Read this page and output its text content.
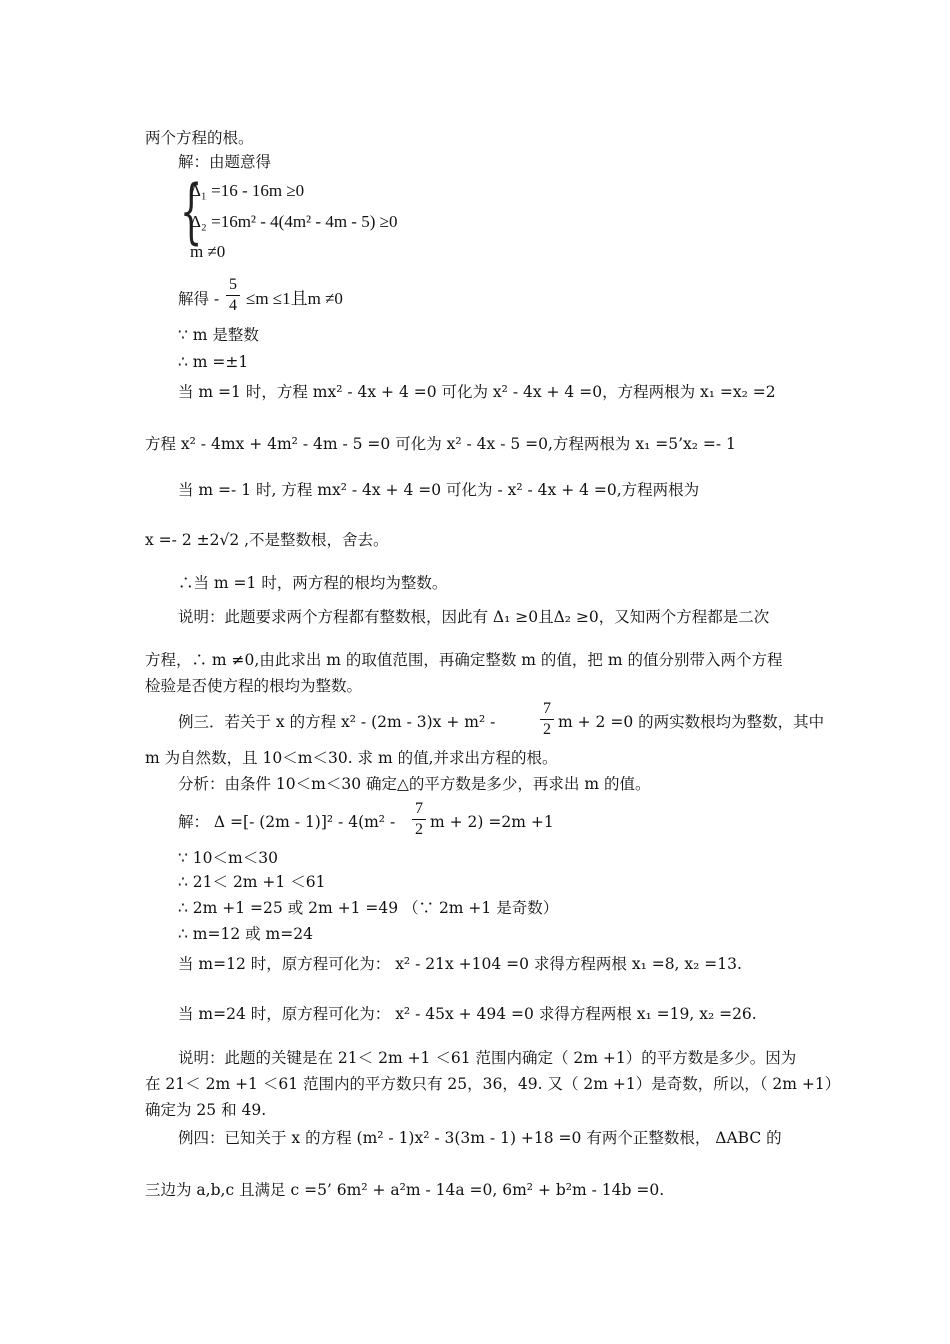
两个方程的根。
解：由题意得
{
Δ₁ =16 - 16m ≥0
Δ₂ =16m² - 4(4m² - 4m - 5) ≥0
m ≠0
解得 -
5
4 ≤m ≤1且m ≠0
∵ m 是整数
∴ m =±1
当 m =1 时，方程 mx² - 4x + 4 =0 可化为 x² - 4x + 4 =0，方程两根为 x₁ =x₂ =2
方程 x² - 4mx + 4m² - 4m - 5 =0 可化为 x² - 4x - 5 =0,方程两根为 x₁ =5’x₂ =- 1
当 m =- 1 时, 方程 mx² - 4x + 4 =0 可化为 - x² - 4x + 4 =0,方程两根为
x =- 2 ±2√2 ,不是整数根，舍去。
∴当 m =1 时，两方程的根均为整数。
说明：此题要求两个方程都有整数根，因此有 Δ₁ ≥0且Δ₂ ≥0，又知两个方程都是二次
方程，∴ m ≠0,由此求出 m 的取值范围，再确定整数 m 的值，把 m 的值分别带入两个方程
检验是否使方程的根均为整数。
例三．若关于 x 的方程 x² - (2m - 3)x + m² -
7
2 m + 2 =0 的两实数根均为整数，其中
m 为自然数，且 10＜m＜30. 求 m 的值,并求出方程的根。
分析：由条件 10＜m＜30 确定△的平方数是多少，再求出 m 的值。
解： Δ =[- (2m - 1)]² - 4(m² -
7
2 m + 2) =2m +1
∵ 10＜m＜30
∴ 21＜ 2m +1 ＜61
∴ 2m +1 =25 或 2m +1 =49 （∵ 2m +1 是奇数）
∴ m=12 或 m=24
当 m=12 时，原方程可化为： x² - 21x +104 =0 求得方程两根 x₁ =8, x₂ =13.
当 m=24 时，原方程可化为： x² - 45x + 494 =0 求得方程两根 x₁ =19, x₂ =26.
说明：此题的关键是在 21＜ 2m +1 ＜61 范围内确定（ 2m +1）的平方数是多少。因为
在 21＜ 2m +1 ＜61 范围内的平方数只有 25，36，49. 又（ 2m +1）是奇数，所以，（ 2m +1）
确定为 25 和 49.
例四：已知关于 x 的方程 (m² - 1)x² - 3(3m - 1) +18 =0 有两个正整数根， ΔABC 的
三边为 a,b,c 且满足 c =5’ 6m² + a²m - 14a =0, 6m² + b²m - 14b =0.
